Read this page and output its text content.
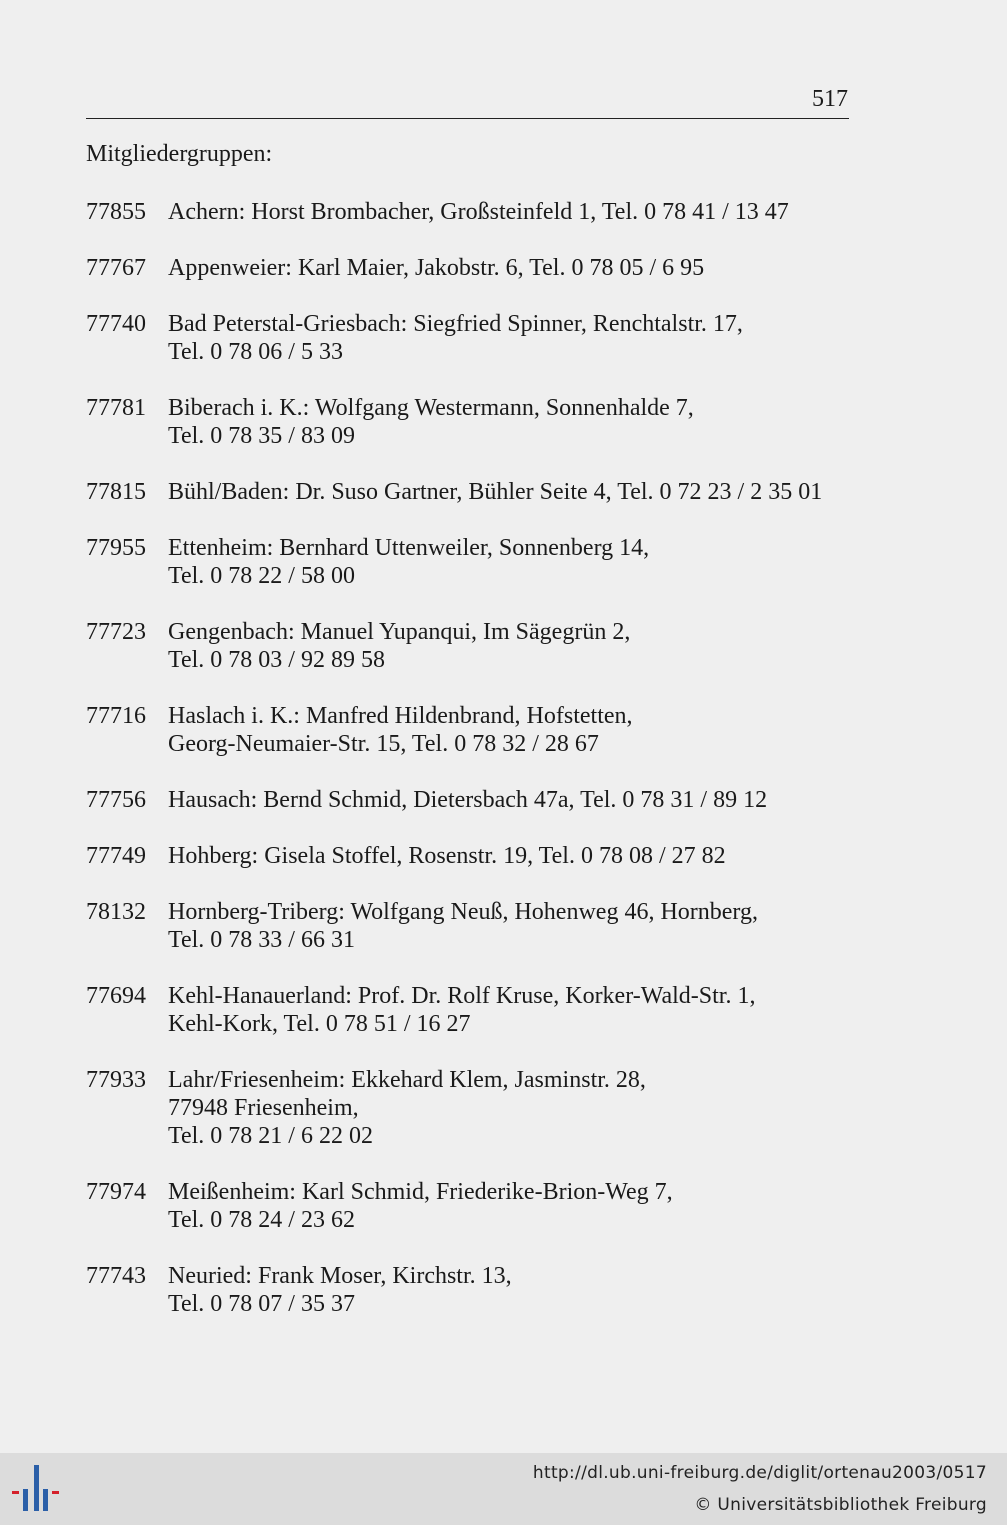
517
Mitgliedergruppen:
77855 Achern: Horst Brombacher, Großsteinfeld 1, Tel. 0 78 41 / 13 47
77767 Appenweier: Karl Maier, Jakobstr. 6, Tel. 0 78 05 / 6 95
77740 Bad Peterstal-Griesbach: Siegfried Spinner, Renchtalstr. 17,
Tel. 0 78 06 / 5 33
77781 Biberach i. K.: Wolfgang Westermann, Sonnenhalde 7,
Tel. 0 78 35 / 83 09
77815 Bühl/Baden: Dr. Suso Gartner, Bühler Seite 4, Tel. 0 72 23 / 2 35 01
77955 Ettenheim: Bernhard Uttenweiler, Sonnenberg 14,
Tel. 0 78 22 / 58 00
77723 Gengenbach: Manuel Yupanqui, Im Sägegrün 2,
Tel. 0 78 03 / 92 89 58
77716 Haslach i. K.: Manfred Hildenbrand, Hofstetten,
Georg-Neumaier-Str. 15, Tel. 0 78 32 / 28 67
77756 Hausach: Bernd Schmid, Dietersbach 47a, Tel. 0 78 31 / 89 12
77749 Hohberg: Gisela Stoffel, Rosenstr. 19, Tel. 0 78 08 / 27 82
78132 Hornberg-Triberg: Wolfgang Neuß, Hohenweg 46, Hornberg,
Tel. 0 78 33 / 66 31
77694 Kehl-Hanauerland: Prof. Dr. Rolf Kruse, Korker-Wald-Str. 1,
Kehl-Kork, Tel. 0 78 51 / 16 27
77933 Lahr/Friesenheim: Ekkehard Klem, Jasminstr. 28,
77948 Friesenheim,
Tel. 0 78 21 / 6 22 02
77974 Meißenheim: Karl Schmid, Friederike-Brion-Weg 7,
Tel. 0 78 24 / 23 62
77743 Neuried: Frank Moser, Kirchstr. 13,
Tel. 0 78 07 / 35 37
http://dl.ub.uni-freiburg.de/diglit/ortenau2003/0517
© Universitätsbibliothek Freiburg
